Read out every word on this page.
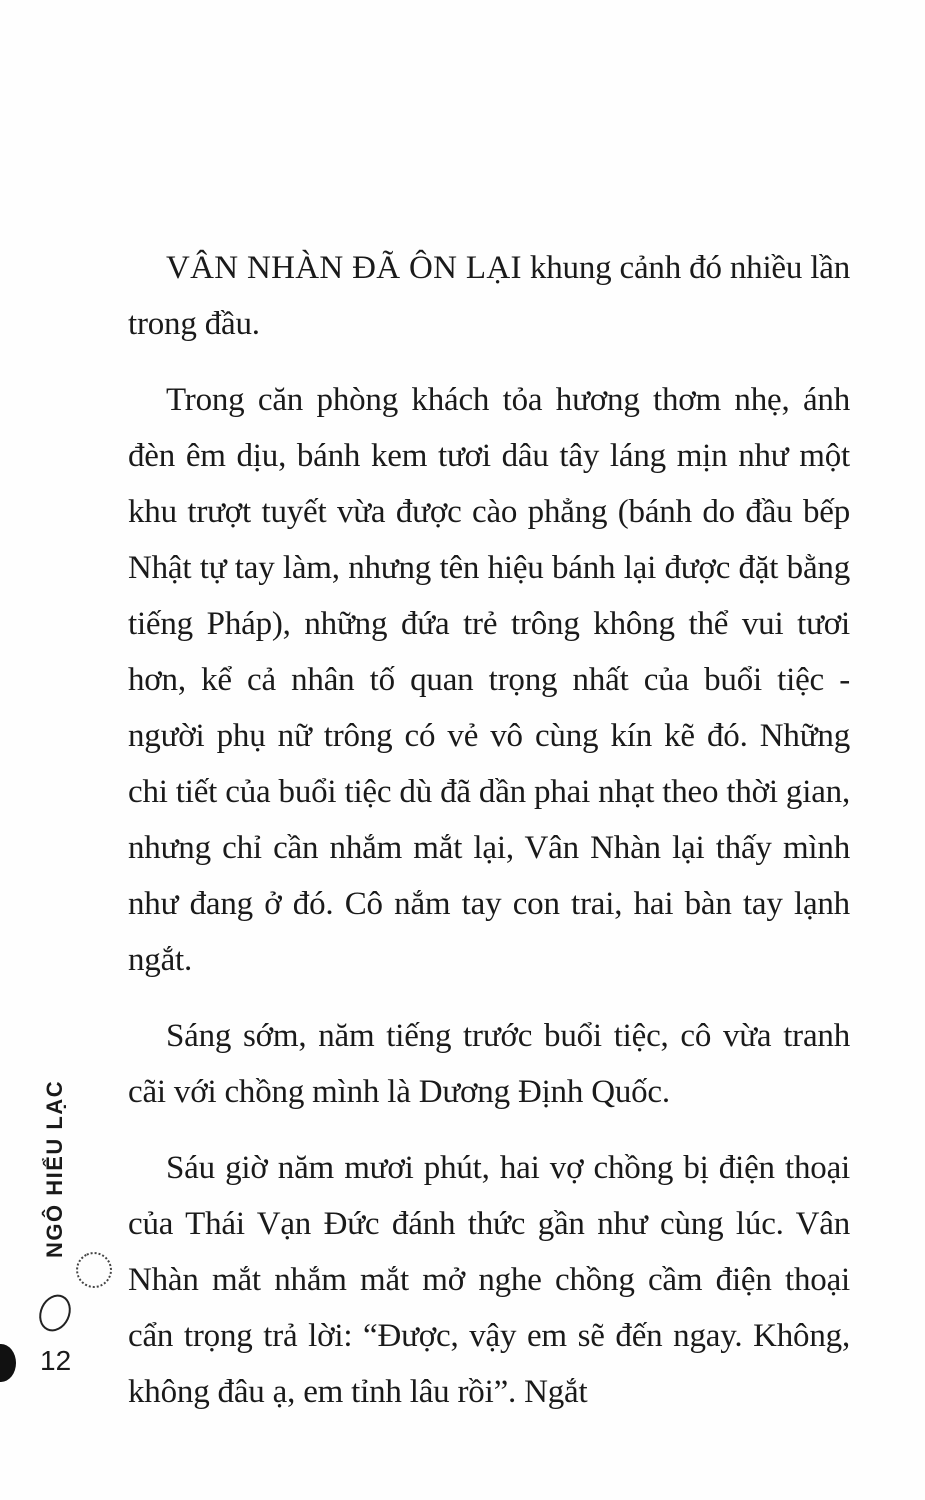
VÂN NHÀN ĐÃ ÔN LẠI khung cảnh đó nhiều lần trong đầu.

Trong căn phòng khách tỏa hương thơm nhẹ, ánh đèn êm dịu, bánh kem tươi dâu tây láng mịn như một khu trượt tuyết vừa được cào phẳng (bánh do đầu bếp Nhật tự tay làm, nhưng tên hiệu bánh lại được đặt bằng tiếng Pháp), những đứa trẻ trông không thể vui tươi hơn, kể cả nhân tố quan trọng nhất của buổi tiệc - người phụ nữ trông có vẻ vô cùng kín kẽ đó. Những chi tiết của buổi tiệc dù đã dần phai nhạt theo thời gian, nhưng chỉ cần nhắm mắt lại, Vân Nhàn lại thấy mình như đang ở đó. Cô nắm tay con trai, hai bàn tay lạnh ngắt.

Sáng sớm, năm tiếng trước buổi tiệc, cô vừa tranh cãi với chồng mình là Dương Định Quốc.

Sáu giờ năm mươi phút, hai vợ chồng bị điện thoại của Thái Vạn Đức đánh thức gần như cùng lúc. Vân Nhàn mắt nhắm mắt mở nghe chồng cầm điện thoại cẩn trọng trả lời: “Được, vậy em sẽ đến ngay. Không, không đâu ạ, em tỉnh lâu rồi”. Ngắt

NGÔ HIỂU LẠC
12
